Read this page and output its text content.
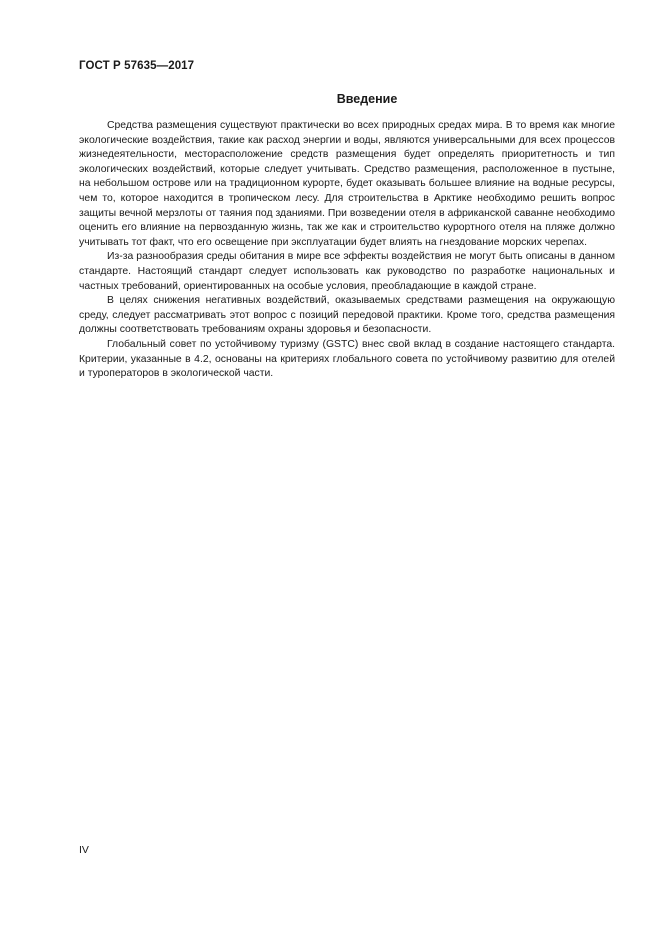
ГОСТ Р 57635—2017
Введение

Средства размещения существуют практически во всех природных средах мира. В то время как многие экологические воздействия, такие как расход энергии и воды, являются универсальными для всех процессов жизнедеятельности, месторасположение средств размещения будет определять приоритетность и тип экологических воздействий, которые следует учитывать. Средство размещения, расположенное в пустыне, на небольшом острове или на традиционном курорте, будет оказывать большее влияние на водные ресурсы, чем то, которое находится в тропическом лесу. Для строительства в Арктике необходимо решить вопрос защиты вечной мерзлоты от таяния под зданиями. При возведении отеля в африканской саванне необходимо оценить его влияние на первозданную жизнь, так же как и строительство курортного отеля на пляже должно учитывать тот факт, что его освещение при эксплуатации будет влиять на гнездование морских черепах.

Из-за разнообразия среды обитания в мире все эффекты воздействия не могут быть описаны в данном стандарте. Настоящий стандарт следует использовать как руководство по разработке национальных и частных требований, ориентированных на особые условия, преобладающие в каждой стране.

В целях снижения негативных воздействий, оказываемых средствами размещения на окружающую среду, следует рассматривать этот вопрос с позиций передовой практики. Кроме того, средства размещения должны соответствовать требованиям охраны здоровья и безопасности.

Глобальный совет по устойчивому туризму (GSTC) внес свой вклад в создание настоящего стандарта. Критерии, указанные в 4.2, основаны на критериях глобального совета по устойчивому развитию для отелей и туроператоров в экологической части.

IV
